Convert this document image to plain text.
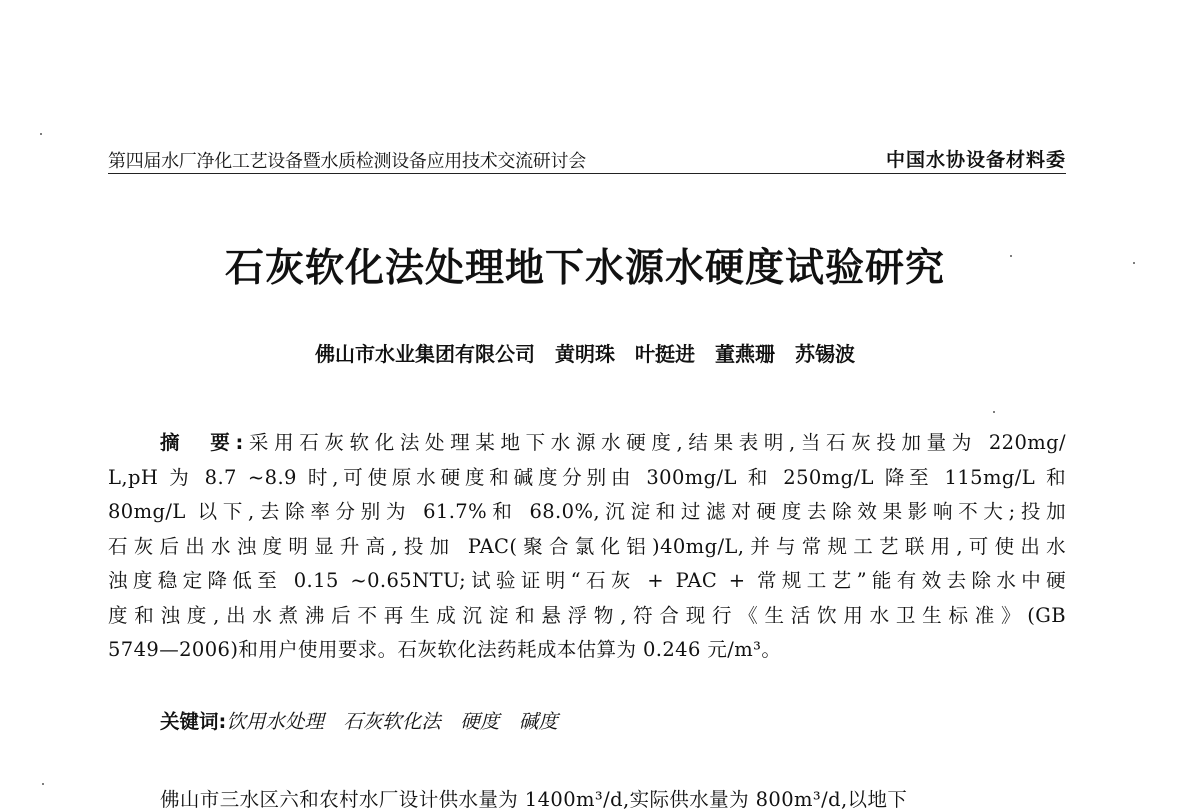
第四届水厂净化工艺设备暨水质检测设备应用技术交流研讨会	中国水协设备材料委
石灰软化法处理地下水源水硬度试验研究
佛山市水业集团有限公司　黄明珠　叶挺进　董燕珊　苏锡波
摘　要:采用石灰软化法处理某地下水源水硬度,结果表明,当石灰投加量为 220mg/
L,pH 为 8.7 ~8.9 时,可使原水硬度和碱度分别由 300mg/L 和 250mg/L 降至 115mg/L 和
80mg/L 以下,去除率分别为 61.7%和 68.0%,沉淀和过滤对硬度去除效果影响不大;投加
石灰后出水浊度明显升高,投加 PAC(聚合氯化铝)40mg/L,并与常规工艺联用,可使出水
浊度稳定降低至 0.15 ~0.65NTU;试验证明“石灰 + PAC + 常规工艺”能有效去除水中硬
度和浊度,出水煮沸后不再生成沉淀和悬浮物,符合现行《生活饮用水卫生标准》(GB
5749—2006)和用户使用要求。石灰软化法药耗成本估算为 0.246 元/m³。
关键词:饮用水处理　石灰软化法　硬度　碱度
佛山市三水区六和农村水厂设计供水量为 1400m³/d,实际供水量为 800m³/d,以地下
